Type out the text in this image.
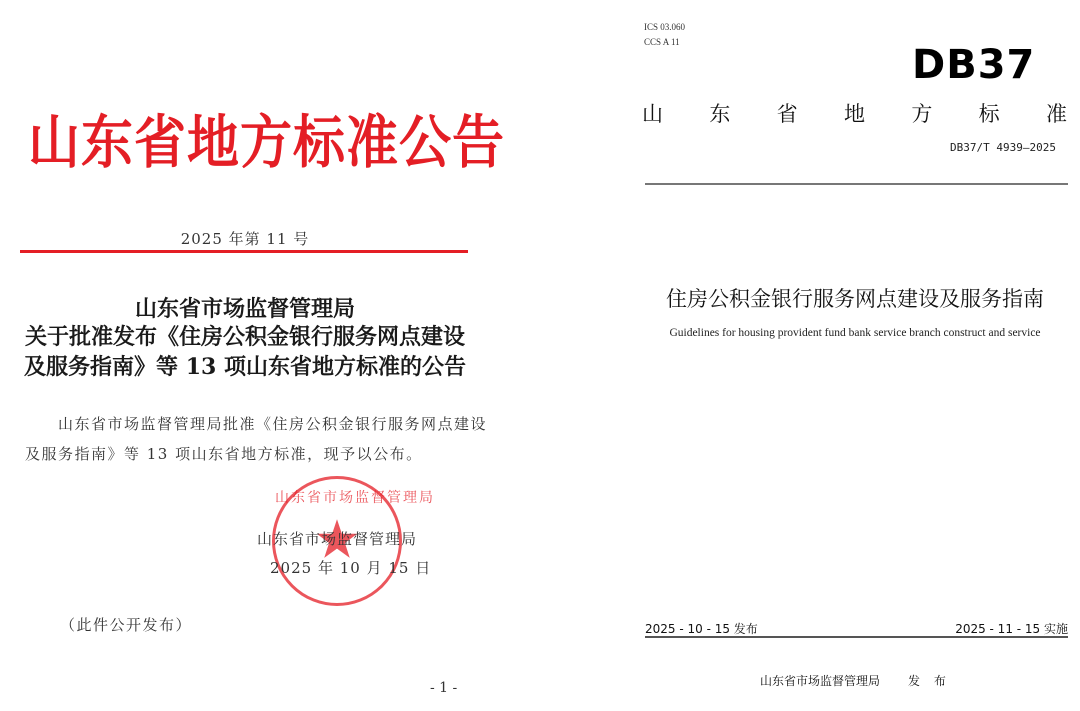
山东省地方标准公告
2025 年第 11 号
山东省市场监督管理局
关于批准发布《住房公积金银行服务网点建设
及服务指南》等 13 项山东省地方标准的公告
山东省市场监督管理局批准《住房公积金银行服务网点建设
及服务指南》等 13 项山东省地方标准，现予以公布。
山东省市场监督管理局
山东省市场监督管理局
2025 年 10 月 15 日
（此件公开发布）
- 1 -
ICS 03.060
CCS A 11	DB37
山 东 省 地 方 标 准
DB37/T 4939—2025
住房公积金银行服务网点建设及服务指南
Guidelines for housing provident fund bank service branch construct and service
2025 - 10 - 15 发布	2025 - 11 - 15 实施
山东省市场监督管理局 发 布
